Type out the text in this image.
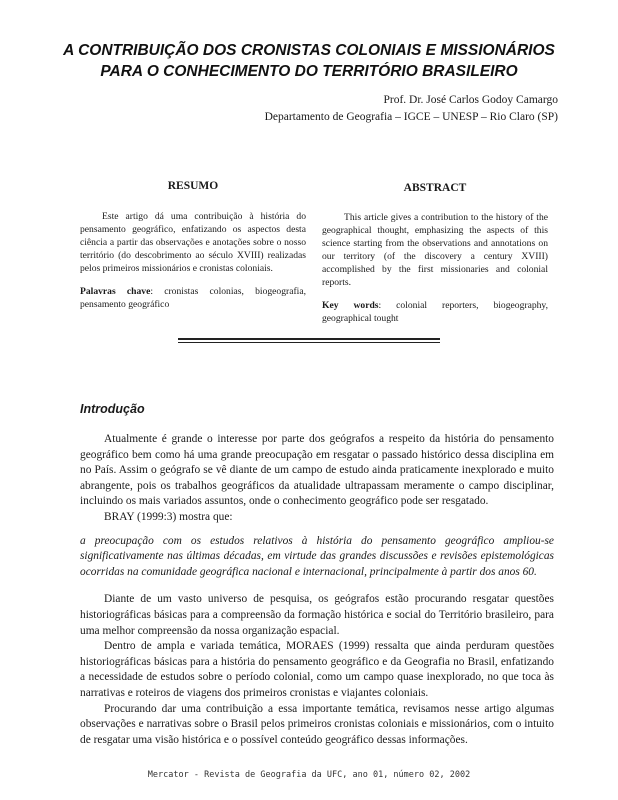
A CONTRIBUIÇÃO DOS CRONISTAS COLONIAIS E MISSIONÁRIOS
PARA O CONHECIMENTO DO TERRITÓRIO BRASILEIRO
Prof. Dr. José Carlos Godoy Camargo
Departamento de Geografia – IGCE – UNESP – Rio Claro (SP)
RESUMO	ABSTRACT

Este artigo dá uma contribuição à história do pensamento geográfico, enfatizando os aspectos desta ciência a partir das observações e anotações sobre o nosso território (do descobrimento ao século XVIII) realizadas pelos primeiros missionários e cronistas coloniais.

Palavras chave: cronistas colonias, biogeografia, pensamento geográfico

This article gives a contribution to the history of the geographical thought, emphasizing the aspects of this science starting from the observations and annotations on our territory (of the discovery a century XVIII) accomplished by the first missionaries and colonial reports.

Key words: colonial reporters, biogeography, geographical tought

Introdução

Atualmente é grande o interesse por parte dos geógrafos a respeito da história do pensamento geográfico bem como há uma grande preocupação em resgatar o passado histórico dessa disciplina em no País. Assim o geógrafo se vê diante de um campo de estudo ainda praticamente inexplorado e muito abrangente, pois os trabalhos geográficos da atualidade ultrapassam meramente o campo disciplinar, incluindo os mais variados assuntos, onde o conhecimento geográfico pode ser resgatado.

BRAY (1999:3) mostra que:

a preocupação com os estudos relativos à história do pensamento geográfico ampliou-se significativamente nas últimas décadas, em virtude das grandes discussões e revisões epistemológicas ocorridas na comunidade geográfica nacional e internacional, principalmente à partir dos anos 60.

Diante de um vasto universo de pesquisa, os geógrafos estão procurando resgatar questões historiográficas básicas para a compreensão da formação histórica e social do Território brasileiro, para uma melhor compreensão da nossa organização espacial.

Dentro de ampla e variada temática, MORAES (1999) ressalta que ainda perduram questões historiográficas básicas para a história do pensamento geográfico e da Geografia no Brasil, enfatizando a necessidade de estudos sobre o período colonial, como um campo quase inexplorado, no que toca às narrativas e roteiros de viagens dos primeiros cronistas e viajantes coloniais.

Procurando dar uma contribuição a essa importante temática, revisamos nesse artigo algumas observações e narrativas sobre o Brasil pelos primeiros cronistas coloniais e missionários, com o intuito de resgatar uma visão histórica e o possível conteúdo geográfico dessas informações.

Mercator - Revista de Geografia da UFC, ano 01, número 02, 2002
